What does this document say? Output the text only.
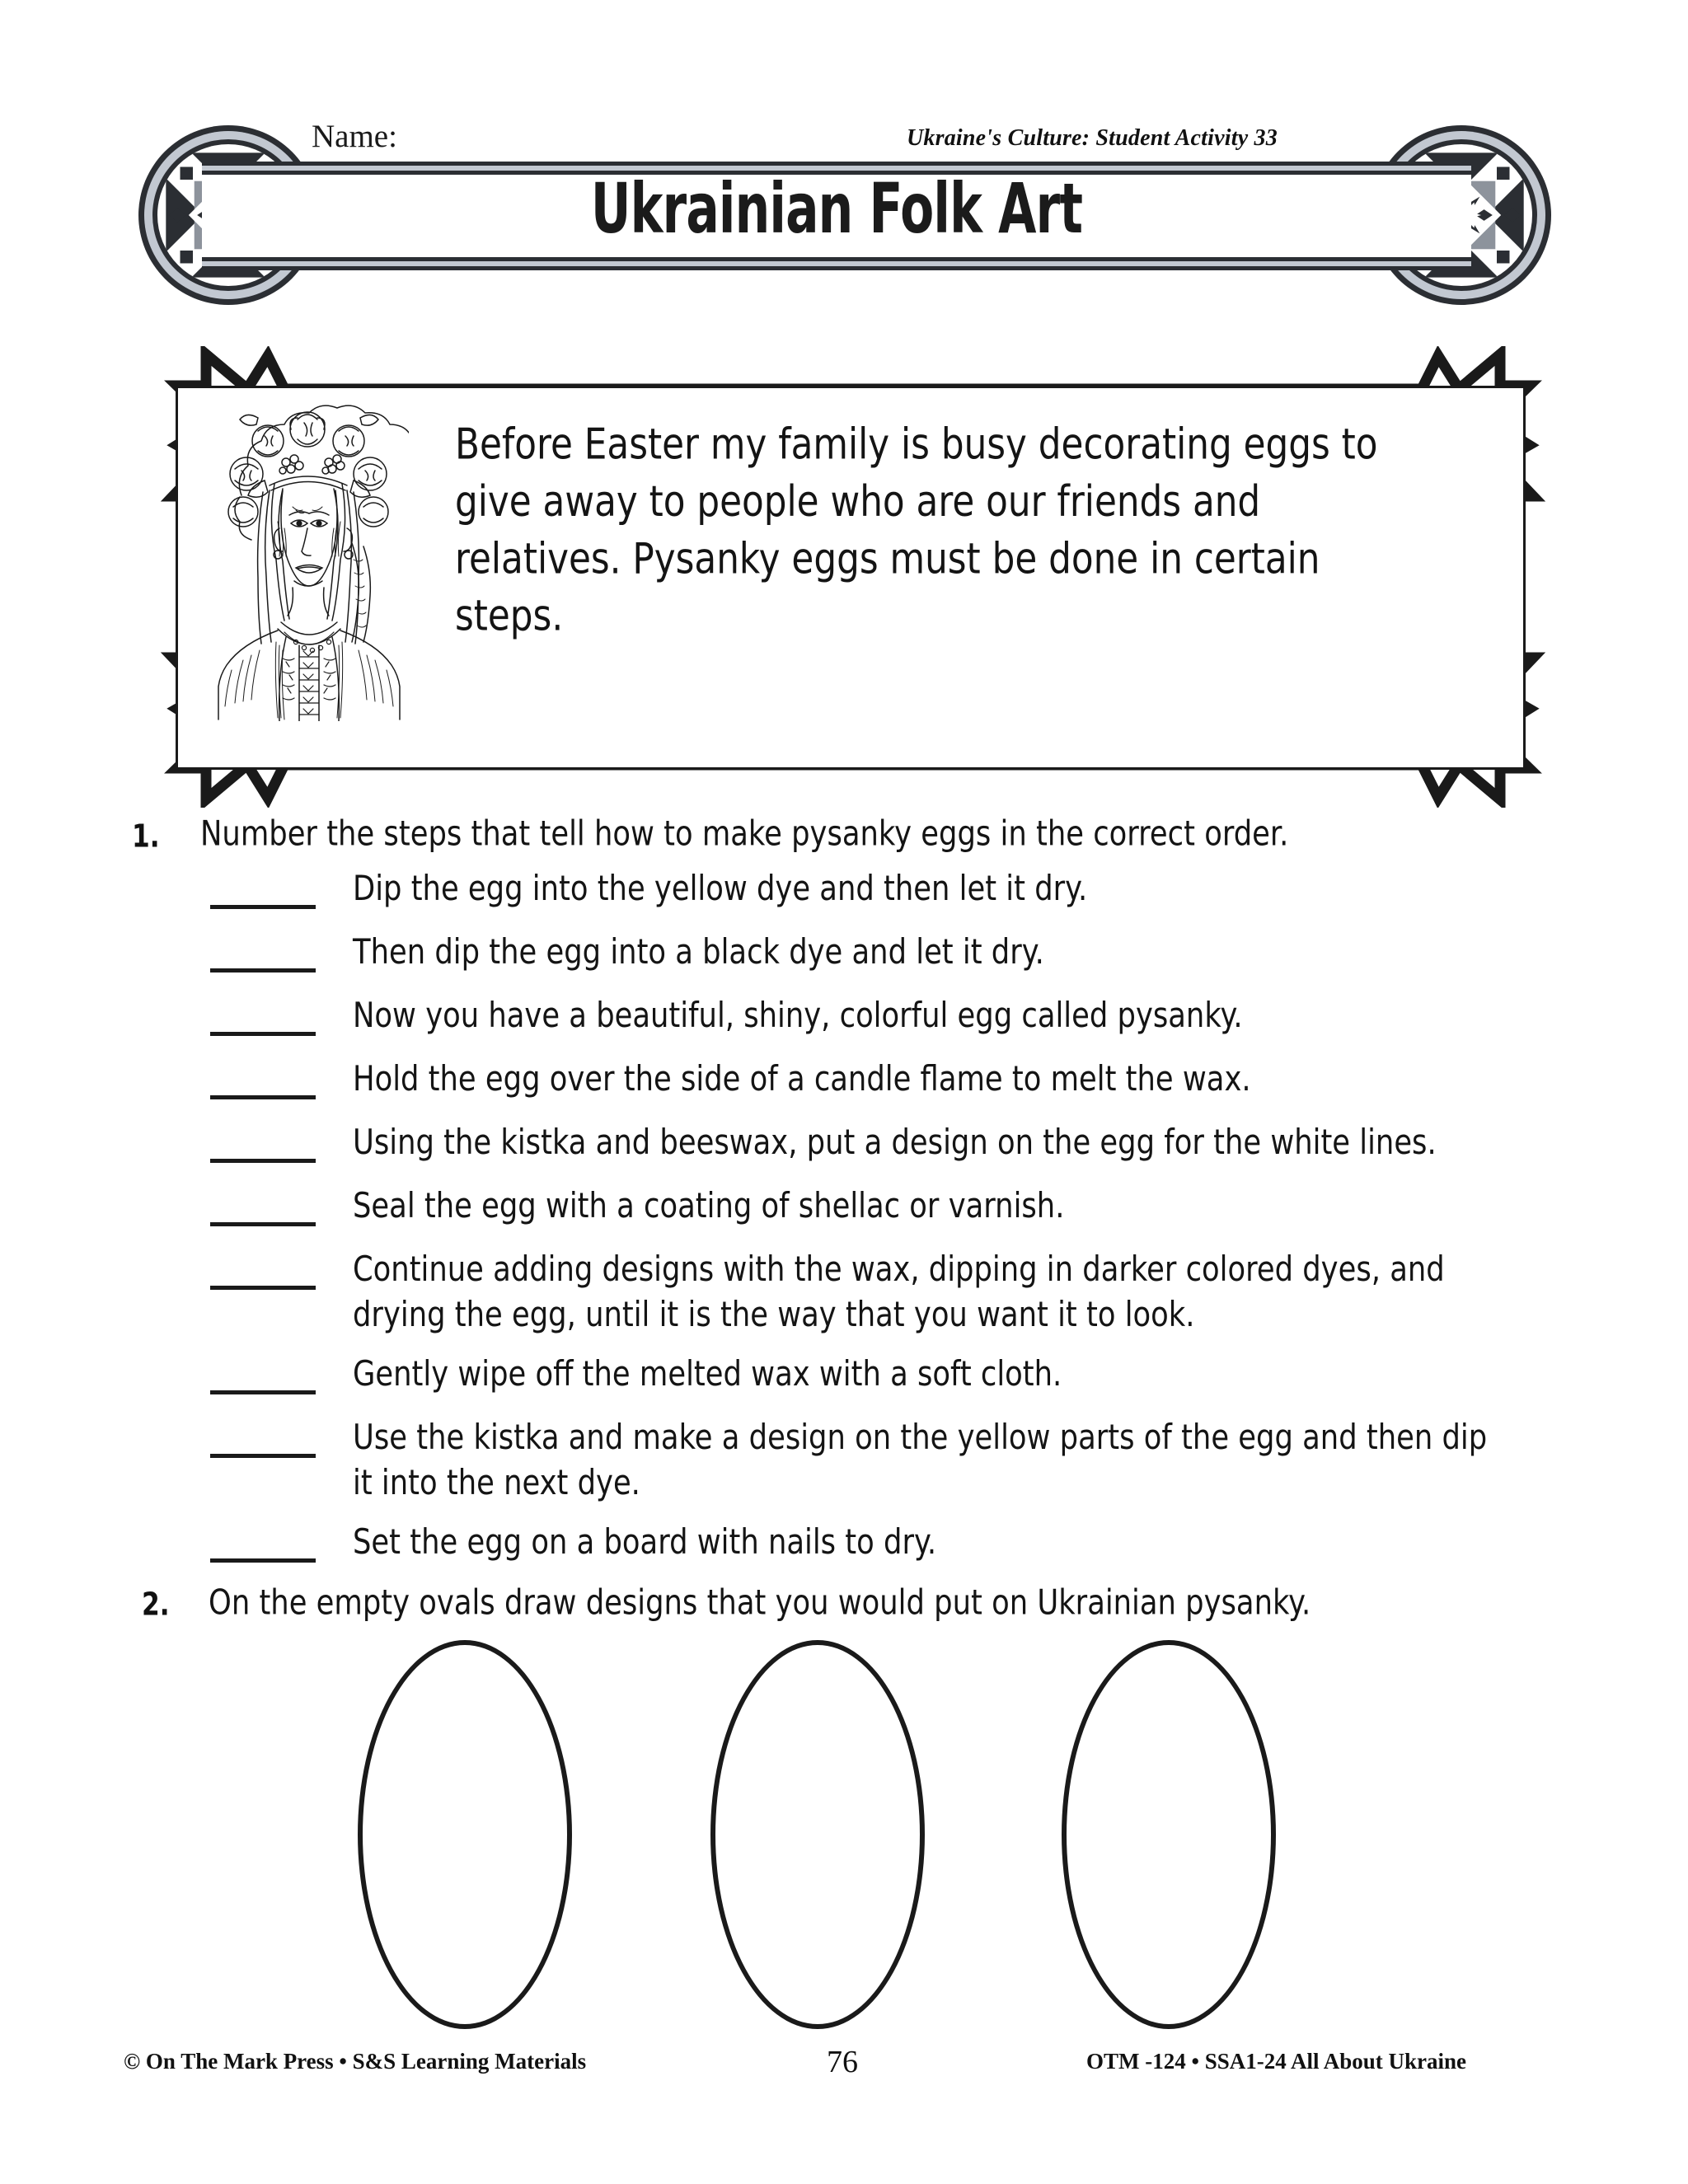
Ukrainian Folk Art
Name:	Ukraine's Culture: Student Activity 33
Before Easter my family is busy decorating eggs to give away to people who are our friends and relatives. Pysanky eggs must be done in certain steps.
1. Number the steps that tell how to make pysanky eggs in the correct order.
Dip the egg into the yellow dye and then let it dry.
Then dip the egg into a black dye and let it dry.
Now you have a beautiful, shiny, colorful egg called pysanky.
Hold the egg over the side of a candle flame to melt the wax.
Using the kistka and beeswax, put a design on the egg for the white lines.
Seal the egg with a coating of shellac or varnish.
Continue adding designs with the wax, dipping in darker colored dyes, and drying the egg, until it is the way that you want it to look.
Gently wipe off the melted wax with a soft cloth.
Use the kistka and make a design on the yellow parts of the egg and then dip it into the next dye.
Set the egg on a board with nails to dry.
2. On the empty ovals draw designs that you would put on Ukrainian pysanky.
© On The Mark Press • S&S Learning Materials	76	OTM -124 • SSA1-24 All About Ukraine
